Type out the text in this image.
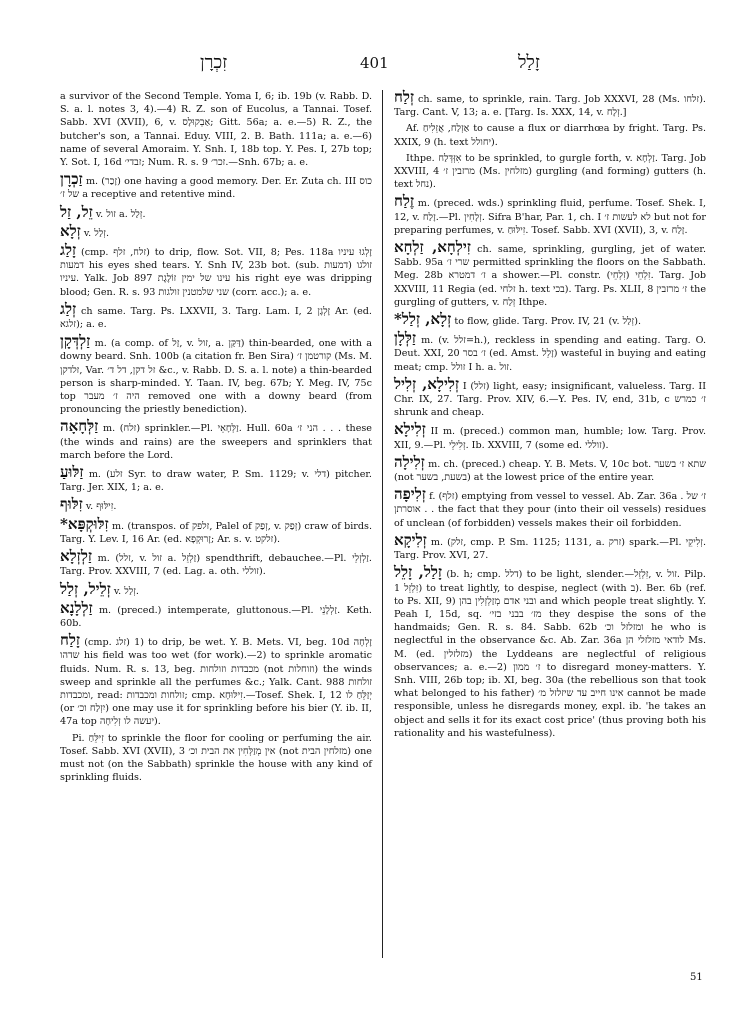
זִכְרָן	401	זָלַל

a survivor of the Second Temple. Yoma I, 6; ib. 19b (v. Rabb. D. S. a. l. notes 3, 4).—4) R. Z. son of Eucolus, a Tannai. Tosef. Sabb. XVI (XVII), 6, v. אַבְקוּלָס; Gitt. 56a; a. e.—5) R. Z., the butcher's son, a Tannai. Eduy. VIII, 2. B. Bath. 111a; a. e.—6) name of several Amoraim. Y. Snh. I, 18b top. Y. Pes. I, 27b top; Y. Sot. I, 16d זבדי׳; Num. R. s. 9 זכר׳.—Snh. 67b; a. e.

זַכְרָן m. (זָכַר) one having a good memory. Der. Er. Zuta ch. III כוס של ז׳ a receptive and retentive mind.

זֵל, זַל v. זול a. זְלַל.

זְלָא v. זְלַל.

זָלַג (cmp. זלח, זלף) to drip, flow. Sot. VII, 8; Pes. 118a זָלְגוּ עיניו דמעות his eyes shed tears. Y. Snh IV, 23b bot. (sub. דמעות) זולגו עיניו. Yalk. Job 897 עינו של ימין זוֹלֶגֶת his right eye was dripping blood; Gen. R. s. 93 שני שלמטנין זולגות (corr. acc.); a. e.

זְלַג ch same. Targ. Ps. LXXVII, 3. Targ. Lam. I, 2 זָלְגָן Ar. (ed. זלגא); a. e.

זַלְדְּקָן m. (a comp. of זַל, v. זול, a. דַּקַּן) thin-bearded, one with a downy beard. Snh. 100b (a citation fr. Ben Sira) קורטמן ז׳ (Ms. M. זלדקן, Var. זל דקן, דל ד׳ &c., v. Rabb. D. S. a. l. note) a thin-bearded person is sharp-minded. Y. Taan. IV, beg. 67b; Y. Meg. IV, 75c top היה ז׳ מעבר removed one with a downy beard (from pronouncing the priestly benediction).

זַלְּחָאָה m. (זלח) sprinkler.—Pl. זַלְּחָאֵי. Hull. 60a הני ז׳ . . . these (the winds and rains) are the sweepers and sprinklers that march before the Lord.

זַלּוּעַ m. (זלע Syr. to draw water, P. Sm. 1129; v. דלי) pitcher. Targ. Jer. XIX, 1; a. e.

זִלּוּף v. זִילּוּף.

*זִלּוּקְפָּא m. (transpos. of זלפק, Palel of זְפַק, v. זְפַק) craw of birds. Targ. Y. Lev. I, 16 Ar. (ed. זָרוּקְפָא; Ar. s. v. זלקט).

זַלְזְלָא m. (זלל, v. זול a. זַלְזֵל) spendthrift, debauchee.—Pl. זַלְזְלֵי. Targ. Prov. XXVIII, 7 (ed. Lag. a. oth. זוללי).

זְלֵיל, זְלַל v. זְלַל.

זַלְלָנָא m. (preced.) intemperate, gluttonous.—Pl. זַלְלָנֵי. Keth. 60b.

זָלַח (cmp. זלג) 1) to drip, be wet. Y. B. Mets. VI, beg. 10d זָלְחָה שדהו his field was too wet (for work).—2) to sprinkle aromatic fluids. Num. R. s. 13, beg. מכבדות וזולחות (not וזוחלות) the winds sweep and sprinkle all the perfumes &c.; Yalk. Cant. 988 זולחות ומכבדות, read: זולחות ומכבדות; cmp. זִילּוּחָא.—Tosef. Shek. I, 12 יְזַלֵּחַ לו (or יִזְלַח וכ׳) one may use it for sprinkling before his bier (Y. ib. II, 47a top יעשה לו זְלִיחָה).

Pi. זִילֵּחַ to sprinkle the floor for cooling or perfuming the air. Tosef. Sabb. XVI (XVII), 3 אין מְזַלְּחִין את הבית וכ׳ (not מזלחין הבית) one must not (on the Sabbath) sprinkle the house with any kind of sprinkling fluids.

זְלַח ch. same, to sprinkle, rain. Targ. Job XXXVI, 28 (Ms. זלחו). Targ. Cant. V, 13; a. e. [Targ. Is. XXX, 14, v. זְלָח.]

Af. אַזְלַח, אֲזֵלִיחַ to cause a flux or diarrhœa by fright. Targ. Ps. XXIX, 9 (h. text יחולל).

Ithpe. אִזְּדְּלַח to be sprinkled, to gurgle forth, v. זַלְחָא. Targ. Job XXVIII, 4 מרזבין ז׳ (Ms. מזלחין) gurgling (and forming) gutters (h. text נחל).

זֶלַח m. (preced. wds.) sprinkling fluid, perfume. Tosef. Shek. I, 12, v. זָלַח.—Pl. זְלָחִין. Sifra B'har, Par. 1, ch. I לא לעשות ז׳ but not for preparing perfumes, v. זִילּוּחַ. Tosef. Sabb. XVI (XVII), 3, v. זָלַח.

זִילְחָא, זַלְחָא ch. same, sprinkling, gurgling, jet of water. Sabb. 95a שרי ז׳ permitted sprinkling the floors on the Sabbath. Meg. 28b ז׳ דמטרא a shower.—Pl. constr. (זִלְחֵי) זִלְחֵי. Targ. Job XXVIII, 11 Regia (ed. זלחי h. text בכי). Targ. Ps. XLII, 8 ז׳ מרזבין the gurgling of gutters, v. זְלַח Ithpe.

*זְלָא, זְלַל to flow, glide. Targ. Prov. IV, 21 (v. זְלַל).

זַלְּלָן m. (v. זלל=h.), reckless in spending and eating. Targ. O. Deut. XXI, 20 ז׳ בסר (ed. Amst. זָלֵל) wasteful in buying and eating meat; cmp. זולל I h. a. זול.

זְלִילָא, זְלִיל I (זלל) light, easy; insignificant, valueless. Targ. II Chr. IX, 27. Targ. Prov. XIV, 6.—Y. Pes. IV, end, 31b, c ז׳ כמרש shrunk and cheap.

זְלִילָא II m. (preced.) common man, humble; low. Targ. Prov. XII, 9.—Pl. זְלִילֵי. Ib. XXVIII, 7 (some ed. זוללי).

זְלִילָה m. ch. (preced.) cheap. Y. B. Mets. V, 10c bot. שתא ז׳ בשער (not בשעת, בשער) at the lowest price of the entire year.

זְלִיפָה f. (זלף) emptying from vessel to vessel. Ab. Zar. 36a ז׳ של . . . אוסרתן the fact that they pour (into their oil vessels) residues of unclean (of forbidden) vessels makes their oil forbidden.

זְלִיקָא m. (זלק, cmp. P. Sm. 1125; 1131, a. זרק) spark.—Pl. זְלִיקֵי. Targ. Prov. XVI, 27.

זָלַל, זָלֵל (b. h; cmp. דלל) to be light, slender.—זִלְזֵל, v. זול. Pilp. זִלְזֵל 1) to treat lightly, to despise, neglect (with ב). Ber. 6b (ref. to Ps. XII, 9) ובני אדם מְזַלְזְלִין בהן and which people treat slightly. Y. Peah I, 15d, sq. מז׳ בבני בזי׳ they despise the sons of the handmaids; Gen. R. s. 84. Sabb. 62b ומזלזל וכ׳ he who is neglectful in the observance &c. Ab. Zar. 36a לודאי מזלזלי הן Ms. M. (ed. מזלזלין) the Lyddeans are neglectful of religious observances; a. e.—2) ז׳ ממון to disregard money-matters. Y. Snh. VIII, 26b top; ib. XI, beg. 30a (the rebellious son that took what belonged to his father) אינו חייב עד שיזלזל מ׳ cannot be made responsible, unless he disregards money, expl. ib. 'he takes an object and sells it for its exact cost price' (thus proving both his rationality and his wastefulness).

51
